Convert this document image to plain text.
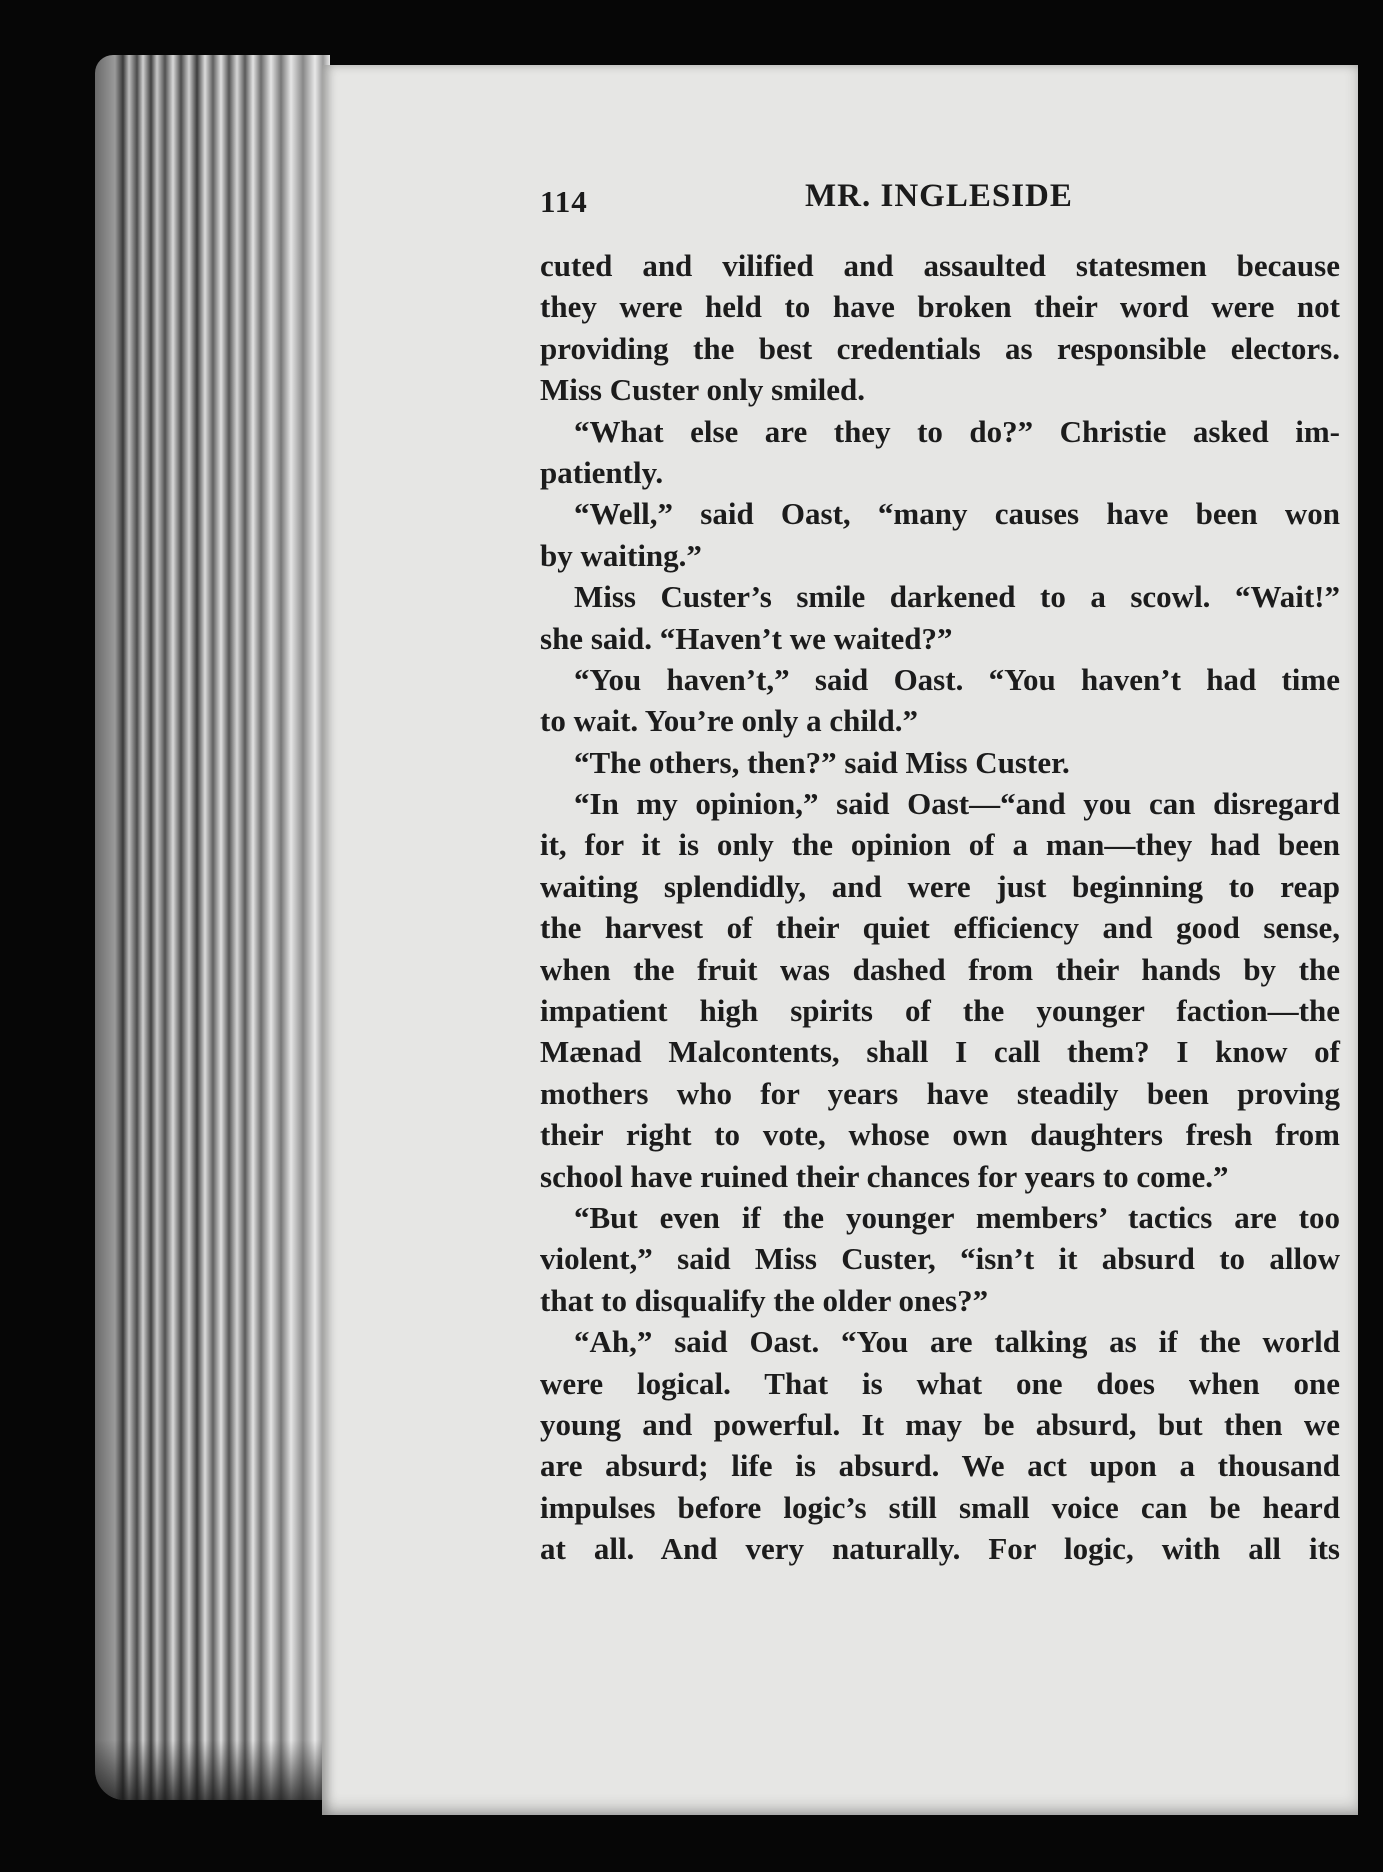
114	MR. INGLESIDE
cuted and vilified and assaulted statesmen because
they were held to have broken their word were not
providing the best credentials as responsible electors.
Miss Custer only smiled.
“What else are they to do?” Christie asked im-
patiently.
“Well,” said Oast, “many causes have been won
by waiting.”
Miss Custer’s smile darkened to a scowl. “Wait!”
she said. “Haven’t we waited?”
“You haven’t,” said Oast. “You haven’t had time
to wait. You’re only a child.”
“The others, then?” said Miss Custer.
“In my opinion,” said Oast—“and you can disregard
it, for it is only the opinion of a man—they had been
waiting splendidly, and were just beginning to reap
the harvest of their quiet efficiency and good sense,
when the fruit was dashed from their hands by the
impatient high spirits of the younger faction—the
Mænad Malcontents, shall I call them? I know of
mothers who for years have steadily been proving
their right to vote, whose own daughters fresh from
school have ruined their chances for years to come.”
“But even if the younger members’ tactics are too
violent,” said Miss Custer, “isn’t it absurd to allow
that to disqualify the older ones?”
“Ah,” said Oast. “You are talking as if the world
were logical. That is what one does when one
young and powerful. It may be absurd, but then we
are absurd; life is absurd. We act upon a thousand
impulses before logic’s still small voice can be heard
at all. And very naturally. For logic, with all its
